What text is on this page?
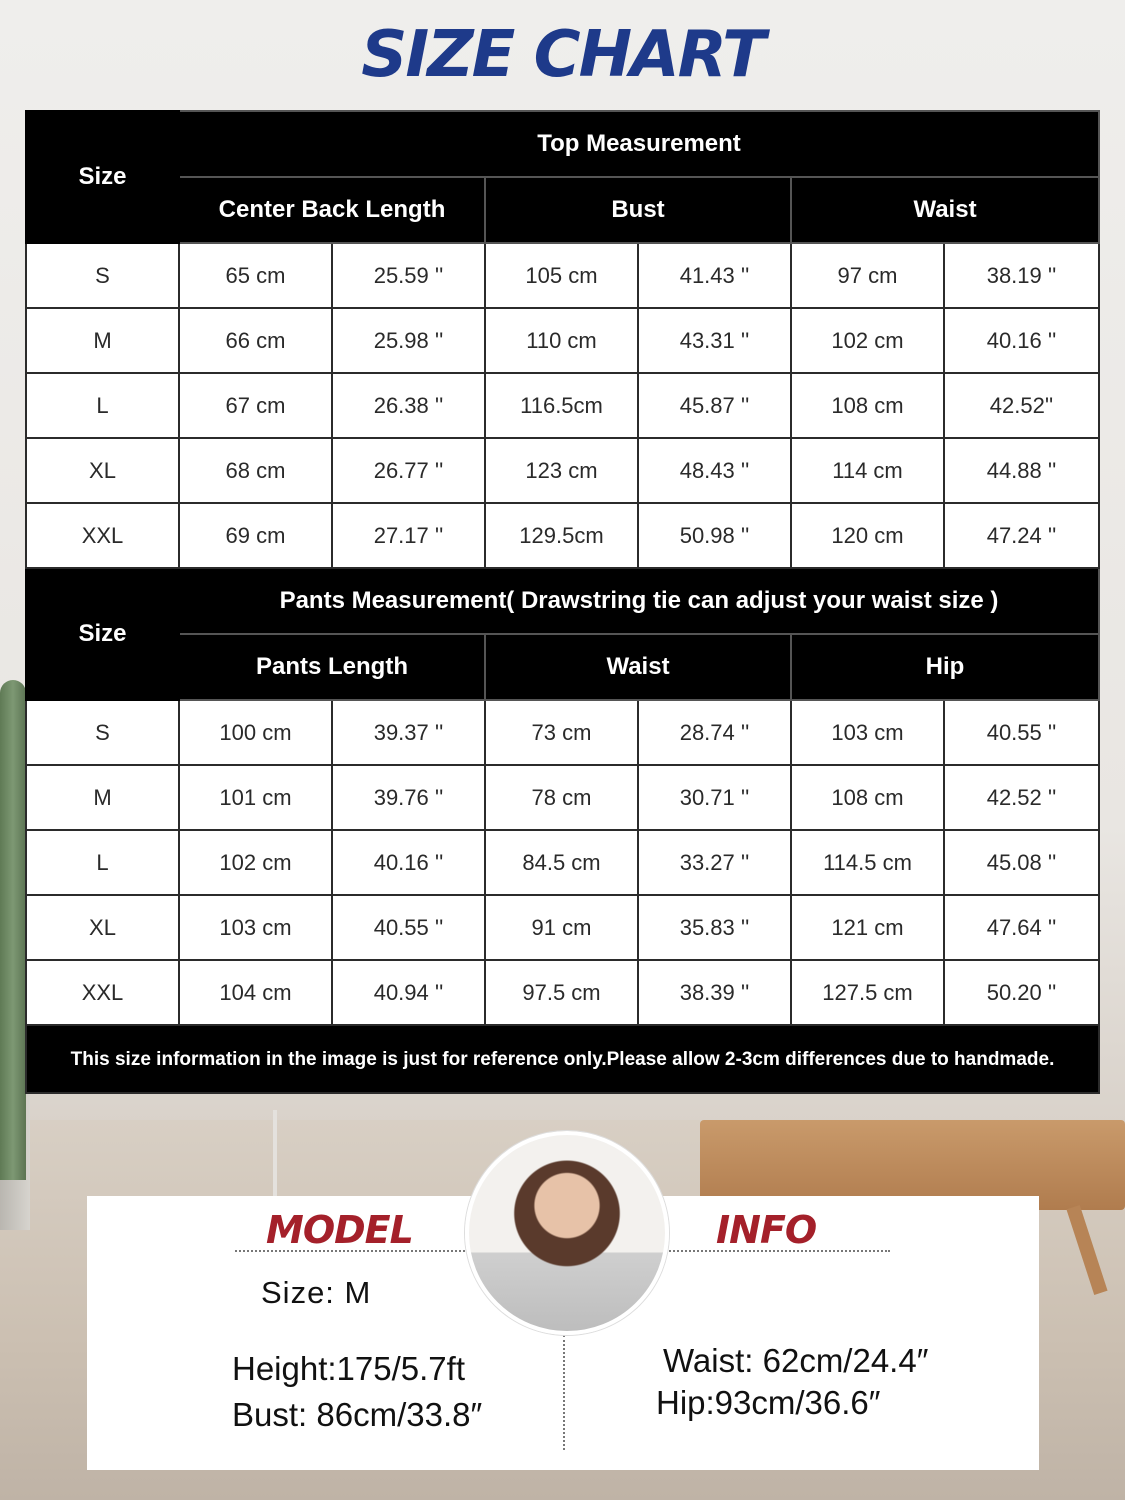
SIZE CHART
Size	Top Measurement					
	Center Back Length		Bust		Waist	
S	65 cm	25.59 ''	105 cm	41.43 ''	97 cm	38.19 ''
M	66 cm	25.98 ''	110 cm	43.31 ''	102 cm	40.16 ''
L	67 cm	26.38 ''	116.5cm	45.87 ''	108 cm	42.52''
XL	68 cm	26.77 ''	123 cm	48.43 ''	114 cm	44.88 ''
XXL	69 cm	27.17 ''	129.5cm	50.98 ''	120 cm	47.24 ''
Size	Pants Measurement( Drawstring tie can adjust your waist size )					
	Pants Length		Waist		Hip	
S	100 cm	39.37 ''	73 cm	28.74 ''	103 cm	40.55 ''
M	101 cm	39.76 ''	78 cm	30.71 ''	108 cm	42.52 ''
L	102 cm	40.16 ''	84.5 cm	33.27 ''	114.5 cm	45.08 ''
XL	103 cm	40.55 ''	91 cm	35.83 ''	121 cm	47.64 ''
XXL	104 cm	40.94 ''	97.5 cm	38.39 ''	127.5 cm	50.20 ''
This size information in the image is just for reference only.Please allow 2-3cm differences due to handmade.						
MODEL	INFO
Size: M
Height:175/5.7ft
Bust: 86cm/33.8″
Waist: 62cm/24.4″
Hip:93cm/36.6″
